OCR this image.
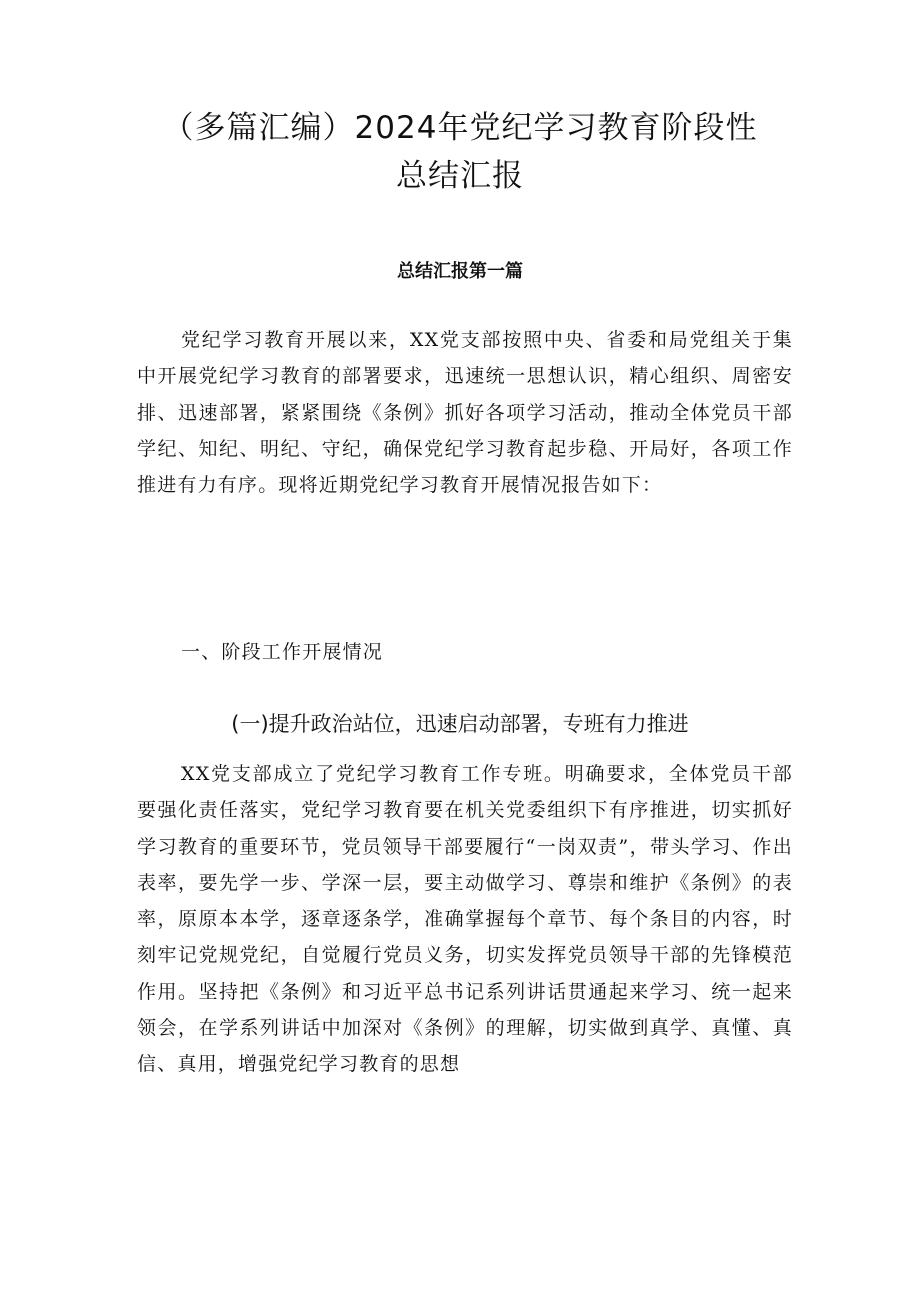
（多篇汇编）2024年党纪学习教育阶段性
总结汇报
总结汇报第一篇

党纪学习教育开展以来，XX党支部按照中央、省委和局党组关于集中开展党纪学习教育的部署要求，迅速统一思想认识，精心组织、周密安排、迅速部署，紧紧围绕《条例》抓好各项学习活动，推动全体党员干部学纪、知纪、明纪、守纪，确保党纪学习教育起步稳、开局好，各项工作推进有力有序。现将近期党纪学习教育开展情况报告如下：

一、阶段工作开展情况
(一)提升政治站位，迅速启动部署，专班有力推进

XX党支部成立了党纪学习教育工作专班。明确要求，全体党员干部要强化责任落实，党纪学习教育要在机关党委组织下有序推进，切实抓好学习教育的重要环节，党员领导干部要履行“一岗双责”，带头学习、作出表率，要先学一步、学深一层，要主动做学习、尊崇和维护《条例》的表率，原原本本学，逐章逐条学，准确掌握每个章节、每个条目的内容，时刻牢记党规党纪，自觉履行党员义务，切实发挥党员领导干部的先锋模范作用。坚持把《条例》和习近平总书记系列讲话贯通起来学习、统一起来领会，在学系列讲话中加深对《条例》的理解，切实做到真学、真懂、真信、真用，增强党纪学习教育的思想
